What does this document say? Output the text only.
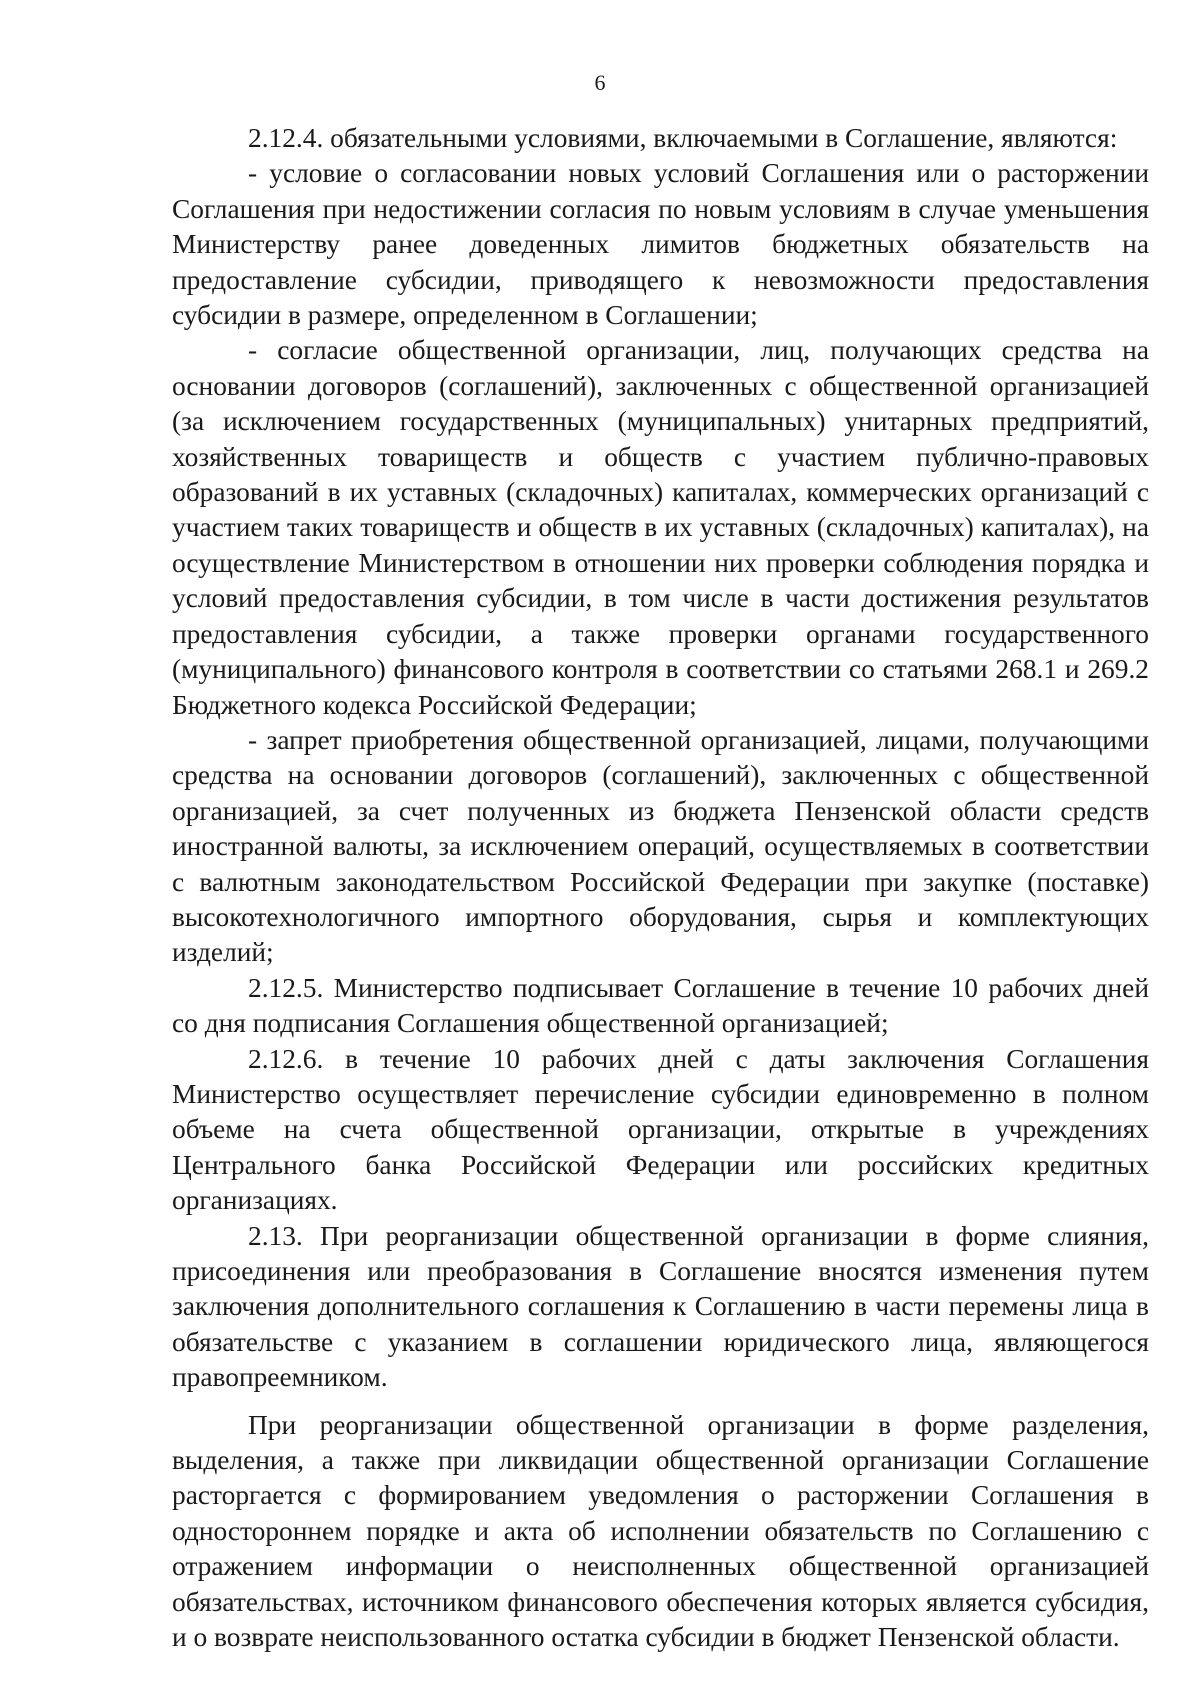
6

2.12.4. обязательными условиями, включаемыми в Соглашение, являются:

- условие о согласовании новых условий Соглашения или о расторжении Соглашения при недостижении согласия по новым условиям в случае уменьшения Министерству ранее доведенных лимитов бюджетных обязательств на предоставление субсидии, приводящего к невозможности предоставления субсидии в размере, определенном в Соглашении;

- согласие общественной организации, лиц, получающих средства на основании договоров (соглашений), заключенных с общественной организацией (за исключением государственных (муниципальных) унитарных предприятий, хозяйственных товариществ и обществ с участием публично-правовых образований в их уставных (складочных) капиталах, коммерческих организаций с участием таких товариществ и обществ в их уставных (складочных) капиталах), на осуществление Министерством в отношении них проверки соблюдения порядка и условий предоставления субсидии, в том числе в части достижения результатов предоставления субсидии, а также проверки органами государственного (муниципального) финансового контроля в соответствии со статьями 268.1 и 269.2 Бюджетного кодекса Российской Федерации;

- запрет приобретения общественной организацией, лицами, получающими средства на основании договоров (соглашений), заключенных с общественной организацией, за счет полученных из бюджета Пензенской области средств иностранной валюты, за исключением операций, осуществляемых в соответствии с валютным законодательством Российской Федерации при закупке (поставке) высокотехнологичного импортного оборудования, сырья и комплектующих изделий;

2.12.5. Министерство подписывает Соглашение в течение 10 рабочих дней со дня подписания Соглашения общественной организацией;

2.12.6. в течение 10 рабочих дней с даты заключения Соглашения Министерство осуществляет перечисление субсидии единовременно в полном объеме на счета общественной организации, открытые в учреждениях Центрального банка Российской Федерации или российских кредитных организациях.

2.13. При реорганизации общественной организации в форме слияния, присоединения или преобразования в Соглашение вносятся изменения путем заключения дополнительного соглашения к Соглашению в части перемены лица в обязательстве с указанием в соглашении юридического лица, являющегося правопреемником.

При реорганизации общественной организации в форме разделения, выделения, а также при ликвидации общественной организации Соглашение расторгается с формированием уведомления о расторжении Соглашения в одностороннем порядке и акта об исполнении обязательств по Соглашению с отражением информации о неисполненных общественной организацией обязательствах, источником финансового обеспечения которых является субсидия, и о возврате неиспользованного остатка субсидии в бюджет Пензенской области.
